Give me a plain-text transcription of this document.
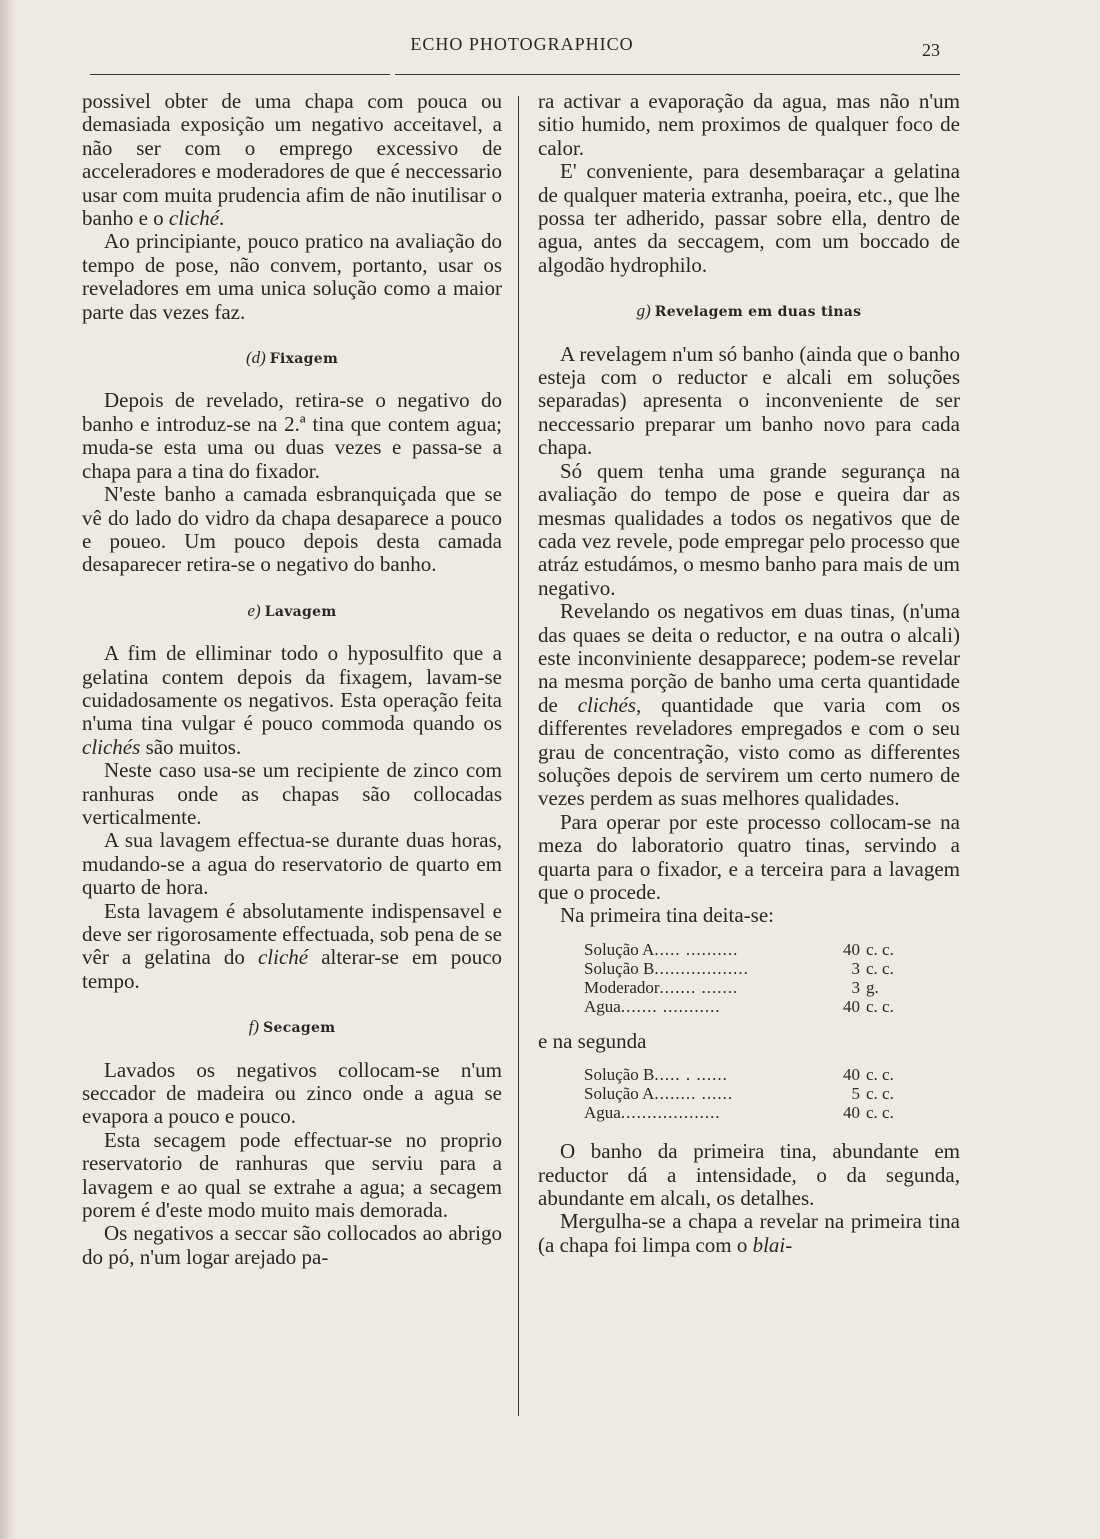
ECHO PHOTOGRAPHICO	23

possivel obter de uma chapa com pouca ou demasiada exposição um negativo acceitavel, a não ser com o emprego excessivo de acceleradores e moderadores de que é neccessario usar com muita prudencia afim de não inutilisar o banho e o cliché.

Ao principiante, pouco pratico na avaliação do tempo de pose, não convem, portanto, usar os reveladores em uma unica solução como a maior parte das vezes faz.

(d) Fixagem

Depois de revelado, retira-se o negativo do banho e introduz-se na 2.ª tina que contem agua; muda-se esta uma ou duas vezes e passa-se a chapa para a tina do fixador.

N'este banho a camada esbranquiçada que se vê do lado do vidro da chapa desaparece a pouco e poueo. Um pouco depois desta camada desaparecer retira-se o negativo do banho.

e) Lavagem

A fim de elliminar todo o hyposulfito que a gelatina contem depois da fixagem, lavam-se cuidadosamente os negativos. Esta operação feita n'uma tina vulgar é pouco commoda quando os clichés são muitos.

Neste caso usa-se um recipiente de zinco com ranhuras onde as chapas são collocadas verticalmente.

A sua lavagem effectua-se durante duas horas, mudando-se a agua do reservatorio de quarto em quarto de hora.

Esta lavagem é absolutamente indispensavel e deve ser rigorosamente effectuada, sob pena de se vêr a gelatina do cliché alterar-se em pouco tempo.

f) Secagem

Lavados os negativos collocam-se n'um seccador de madeira ou zinco onde a agua se evapora a pouco e pouco.

Esta secagem pode effectuar-se no proprio reservatorio de ranhuras que serviu para a lavagem e ao qual se extrahe a agua; a secagem porem é d'este modo muito mais demorada.

Os negativos a seccar são collocados ao abrigo do pó, n'um logar arejado pa-

ra activar a evaporação da agua, mas não n'um sitio humido, nem proximos de qualquer foco de calor.

E' conveniente, para desembaraçar a gelatina de qualquer materia extranha, poeira, etc., que lhe possa ter adherido, passar sobre ella, dentro de agua, antes da seccagem, com um boccado de algodão hydrophilo.

g) Revelagem em duas tinas

A revelagem n'um só banho (ainda que o banho esteja com o reductor e alcali em soluções separadas) apresenta o inconveniente de ser neccessario preparar um banho novo para cada chapa.

Só quem tenha uma grande segurança na avaliação do tempo de pose e queira dar as mesmas qualidades a todos os negativos que de cada vez revele, pode empregar pelo processo que atráz estudámos, o mesmo banho para mais de um negativo.

Revelando os negativos em duas tinas, (n'uma das quaes se deita o reductor, e na outra o alcali) este inconviniente desapparece; podem-se revelar na mesma porção de banho uma certa quantidade de clichés, quantidade que varia com os differentes reveladores empregados e com o seu grau de concentração, visto como as differentes soluções depois de servirem um certo numero de vezes perdem as suas melhores qualidades.

Para operar por este processo collocam-se na meza do laboratorio quatro tinas, servindo a quarta para o fixador, e a terceira para a lavagem que o procede.

Na primeira tina deita-se:

Solução A..... ..........	40	c. c.
Solução B..................	3	c. c.
Moderador....... .......	3	g.
Agua....... ...........	40	c. c.

e na segunda

Solução B..... . ......	40	c. c.
Solução A........ ......	5	c. c.
Agua...................	40	c. c.

O banho da primeira tina, abundante em reductor dá a intensidade, o da segunda, abundante em alcalı, os detalhes.

Mergulha-se a chapa a revelar na primeira tina (a chapa foi limpa com o blai-
